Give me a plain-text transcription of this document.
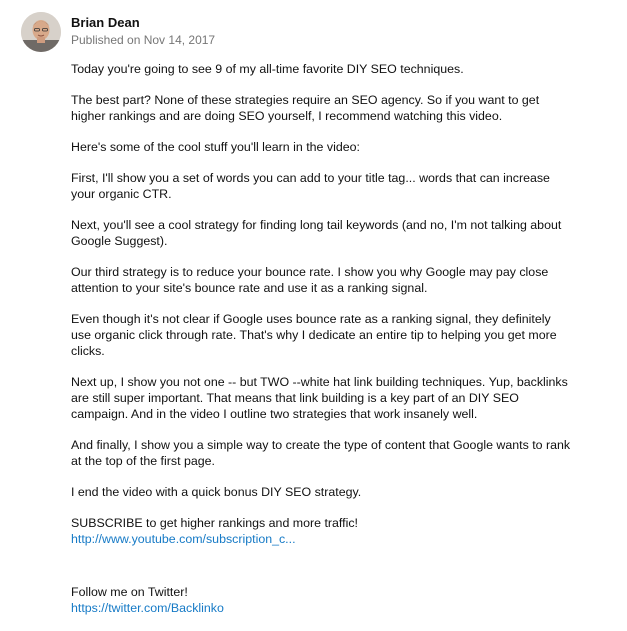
Brian Dean
Published on Nov 14, 2017

Today you're going to see 9 of my all-time favorite DIY SEO techniques.

The best part? None of these strategies require an SEO agency. So if you want to get higher rankings and are doing SEO yourself, I recommend watching this video.

Here's some of the cool stuff you'll learn in the video:

First, I'll show you a set of words you can add to your title tag... words that can increase your organic CTR.

Next, you'll see a cool strategy for finding long tail keywords (and no, I'm not talking about Google Suggest).

Our third strategy is to reduce your bounce rate. I show you why Google may pay close attention to your site's bounce rate and use it as a ranking signal.

Even though it's not clear if Google uses bounce rate as a ranking signal, they definitely use organic click through rate. That's why I dedicate an entire tip to helping you get more clicks.

Next up, I show you not one -- but TWO --white hat link building techniques. Yup, backlinks are still super important. That means that link building is a key part of an DIY SEO campaign. And in the video I outline two strategies that work insanely well.

And finally, I show you a simple way to create the type of content that Google wants to rank at the top of the first page.

I end the video with a quick bonus DIY SEO strategy.

SUBSCRIBE to get higher rankings and more traffic!
http://www.youtube.com/subscription_c...

Follow me on Twitter!
https://twitter.com/Backlinko
